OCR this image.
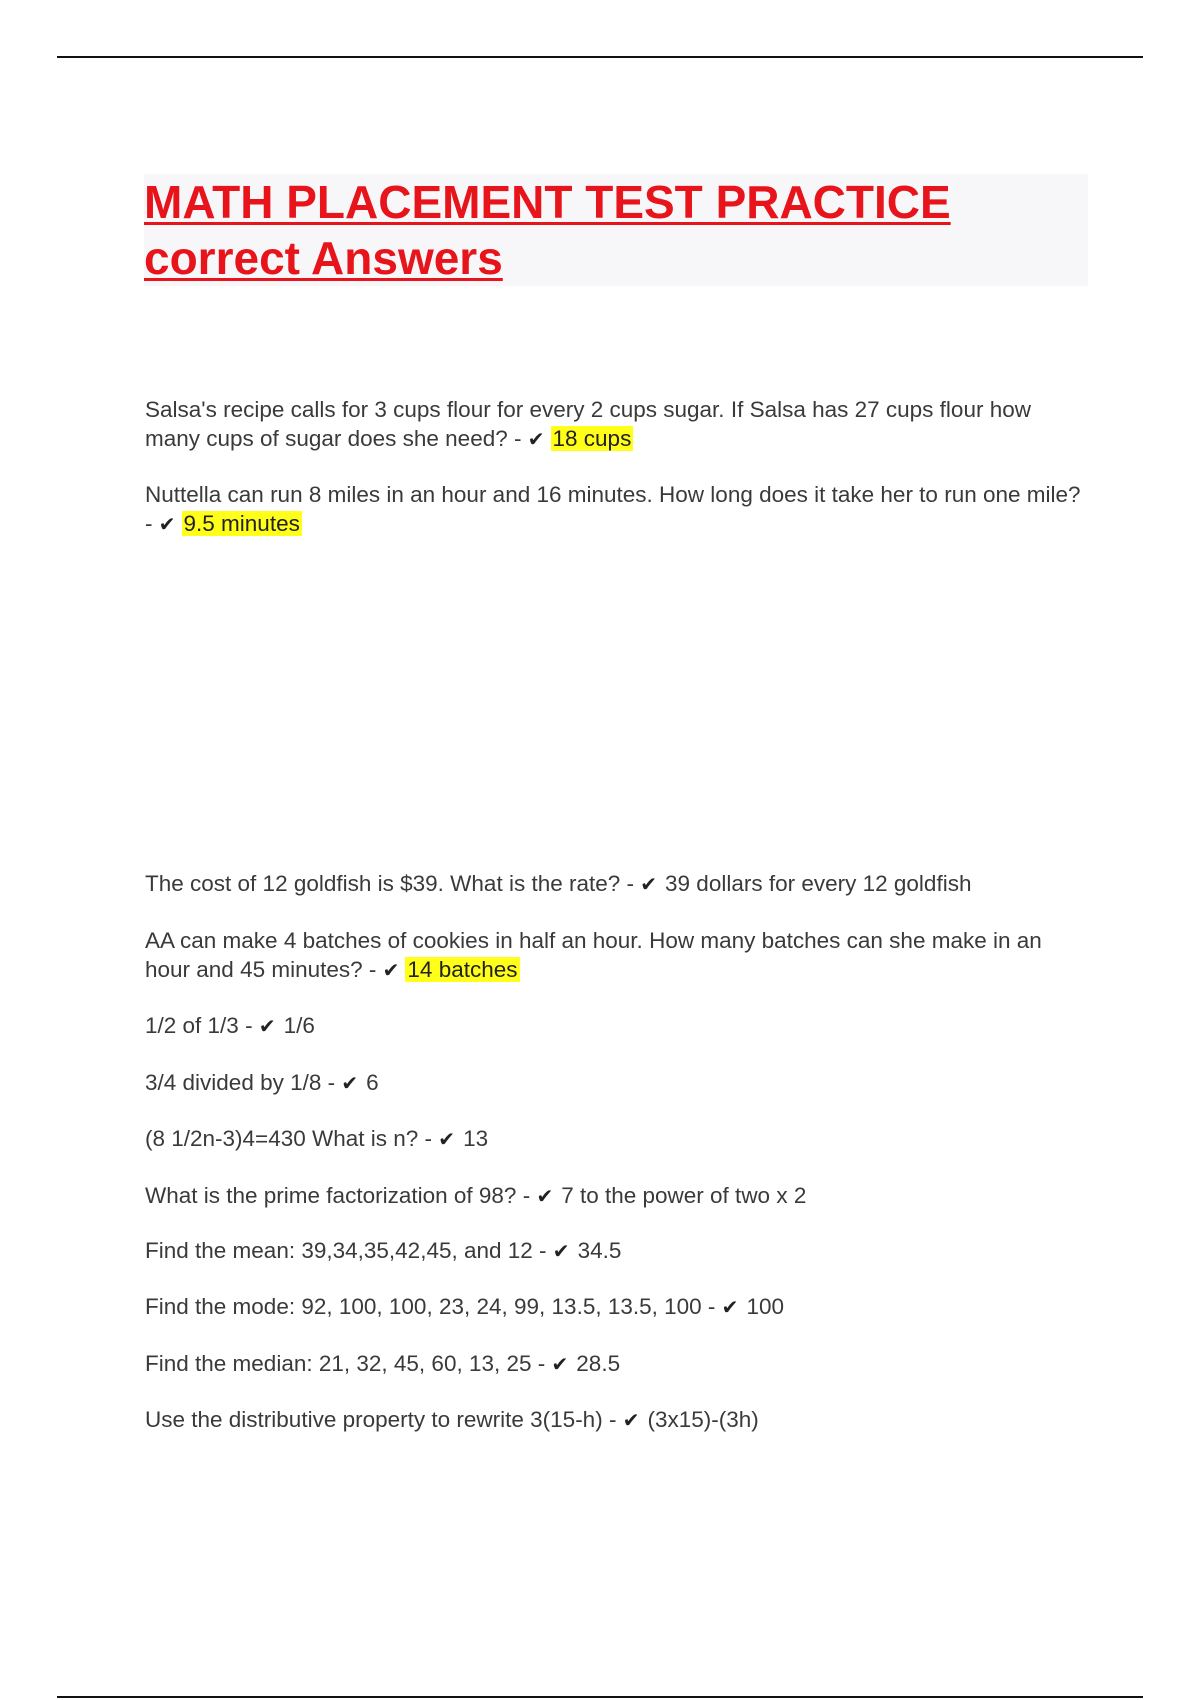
MATH PLACEMENT TEST PRACTICE
correct Answers
Salsa's recipe calls for 3 cups flour for every 2 cups sugar. If Salsa has 27 cups flour how many cups of sugar does she need? - ✔ 18 cups
Nuttella can run 8 miles in an hour and 16 minutes. How long does it take her to run one mile? - ✔ 9.5 minutes
The cost of 12 goldfish is $39. What is the rate? - ✔ 39 dollars for every 12 goldfish
AA can make 4 batches of cookies in half an hour. How many batches can she make in an hour and 45 minutes? - ✔ 14 batches
1/2 of 1/3 - ✔ 1/6
3/4 divided by 1/8 - ✔ 6
(8 1/2n-3)4=430 What is n? - ✔ 13
What is the prime factorization of 98? - ✔ 7 to the power of two x 2
Find the mean: 39,34,35,42,45, and 12 - ✔ 34.5
Find the mode: 92, 100, 100, 23, 24, 99, 13.5, 13.5, 100 - ✔ 100
Find the median: 21, 32, 45, 60, 13, 25 - ✔ 28.5
Use the distributive property to rewrite 3(15-h) - ✔ (3x15)-(3h)
